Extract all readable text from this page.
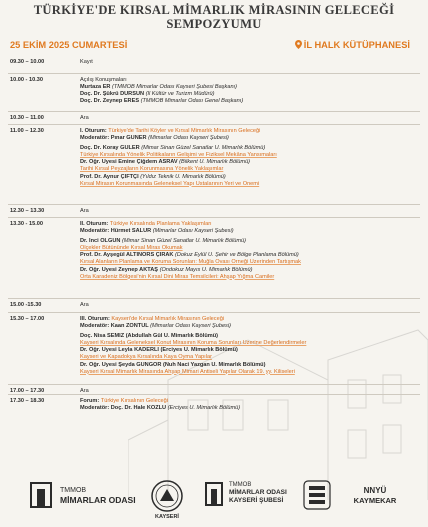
TÜRKİYE'DE KIRSAL MİMARLIK MİRASININ GELECEĞİ
SEMPOZYUMU
25 EKİM 2025 CUMARTESİ	İL HALK KÜTÜPHANESİ
09.30 – 10.00	Kayıt
10.00 - 10.30	Açılış Konuşmaları
Murtaza ER (TMMOB Mimarlar Odası Kayseri Şubesi Başkanı)
Doç. Dr. Şükrü DURSUN (İl Kültür ve Turizm Müdürü)
Doç. Dr. Zeynep ERES (TMMOB Mimarlar Odası Genel Başkanı)
10.30 – 11.00	Ara
11.00 – 12.30	I. Oturum: Türkiye'de Tarihi Köyler ve Kırsal Mimarlık Mirasının Geleceği
Moderatör: Pınar GÜNER (Mimarlar Odası Kayseri Şubesi)
Doç. Dr. Koray GÜLER (Mimar Sinan Güzel Sanatlar Ü. Mimarlık Bölümü)
Türkiye Kırsalında Yönelik Politikaların Gelişimi ve Fiziksel Mekâna Yansımaları
Dr. Öğr. Üyesi Emine Çiğdem ASRAV (Bilkent Ü. Mimarlık Bölümü)
Tarihi Kırsal Peyzajların Korunmasına Yönelik Yaklaşımlar
Prof. Dr. Aynur ÇİFTÇİ (Yıldız Teknik Ü. Mimarlık Bölümü)
Kırsal Mirasın Korunmasında Geleneksel Yapı Ustalarının Yeri ve Önemi
12.30 – 13.30	Ara
13.30 - 15.00	II. Oturum: Türkiye Kırsalında Planlama Yaklaşımları
Moderatör: Hürmet SALUR (Mimarlar Odası Kayseri Şubesi)
Dr. İnci OLGUN (Mimar Sinan Güzel Sanatlar Ü. Mimarlık Bölümü)
Ölçekler Bütününde Kırsal Miras Okumak
Prof. Dr. Ayşegül ALTINÖRS ÇIRAK (Dokuz Eylül Ü. Şehir ve Bölge Planlama Bölümü)
Kırsal Alanların Planlama ve Koruma Sorunları: Muğla Ovası Örneği Üzerinden Tartışmak
Dr. Öğr. Üyesi Zeynep AKTAŞ (Ondokuz Mayıs Ü. Mimarlık Bölümü)
Orta Karadeniz Bölgesi'nin Kırsal Dini Miras Temsilcileri: Ahşap Yığma Camiler
15.00 -15.30	Ara
15.30 – 17.00	III. Oturum: Kayseri'de Kırsal Mimarlık Mirasının Geleceği
Moderatör: Kaan ZONTUL (Mimarlar Odası Kayseri Şubesi)
Doç. Nisa SEMİZ (Abdullah Gül Ü. Mimarlık Bölümü)
Kayseri Kırsalında Geleneksel Konut Mirasının Koruma Sorunları Üzerine Değerlendirmeler
Dr. Öğr. Üyesi Leyla KADERLİ (Erciyes Ü. Mimarlık Bölümü)
Kayseri ve Kapadokya Kırsalında Kaya Oyma Yapılar
Dr. Öğr. Üyesi Şeyda GÜNGÖR (Nuh Naci Yazgan Ü. Mimarlık Bölümü)
Kayseri Kırsal Mimarlık Mirasında Ahşap Mimari Antiseli Yapılar Olarak 19. yy. Kiliseleri
17.00 – 17.30	Ara
17.30 – 18.30	Forum: Türkiye Kırsalının Geleceği
Moderatör: Doç. Dr. Hale KOZLU (Erciyes Ü. Mimarlık Bölümü)
TMMOB
MİMARLAR ODASI
KAYSERİ
TMMOB
MİMARLAR ODASI
KAYSERİ ŞUBESİ
NNYÜ
KAYMEKAR
